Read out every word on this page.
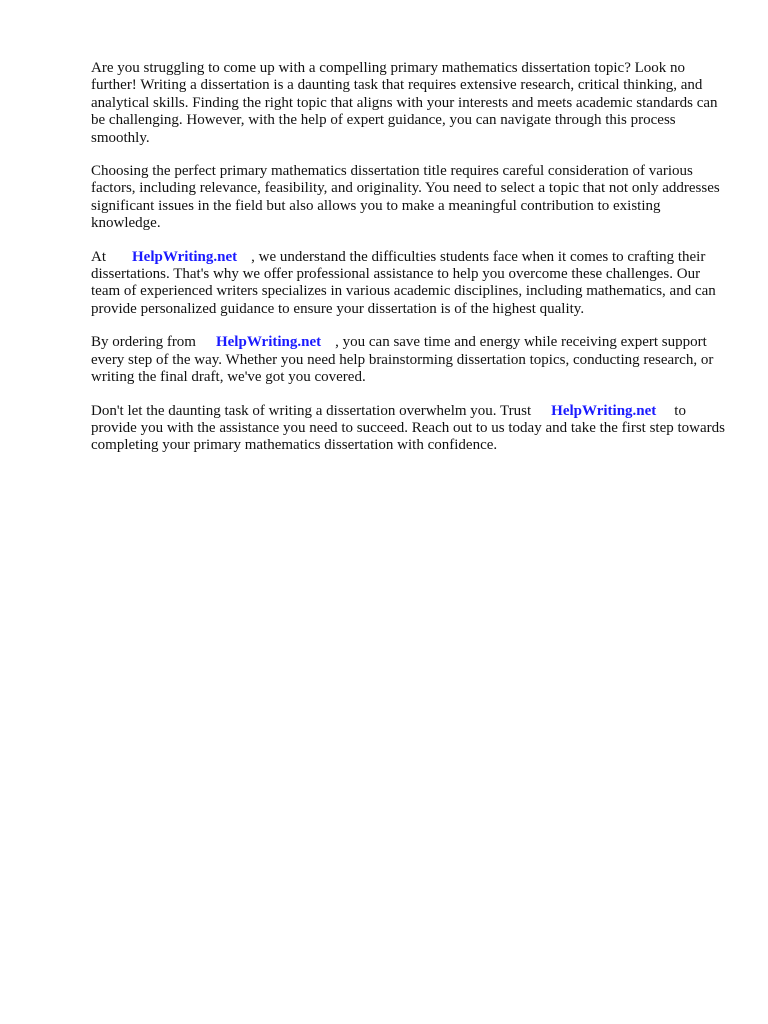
Are you struggling to come up with a compelling primary mathematics dissertation topic? Look no further! Writing a dissertation is a daunting task that requires extensive research, critical thinking, and analytical skills. Finding the right topic that aligns with your interests and meets academic standards can be challenging. However, with the help of expert guidance, you can navigate through this process smoothly.

Choosing the perfect primary mathematics dissertation title requires careful consideration of various factors, including relevance, feasibility, and originality. You need to select a topic that not only addresses significant issues in the field but also allows you to make a meaningful contribution to existing knowledge.

At HelpWriting.net , we understand the difficulties students face when it comes to crafting their dissertations. That's why we offer professional assistance to help you overcome these challenges. Our team of experienced writers specializes in various academic disciplines, including mathematics, and can provide personalized guidance to ensure your dissertation is of the highest quality.

By ordering from HelpWriting.net , you can save time and energy while receiving expert support every step of the way. Whether you need help brainstorming dissertation topics, conducting research, or writing the final draft, we've got you covered.

Don't let the daunting task of writing a dissertation overwhelm you. Trust HelpWriting.net to provide you with the assistance you need to succeed. Reach out to us today and take the first step towards completing your primary mathematics dissertation with confidence.
